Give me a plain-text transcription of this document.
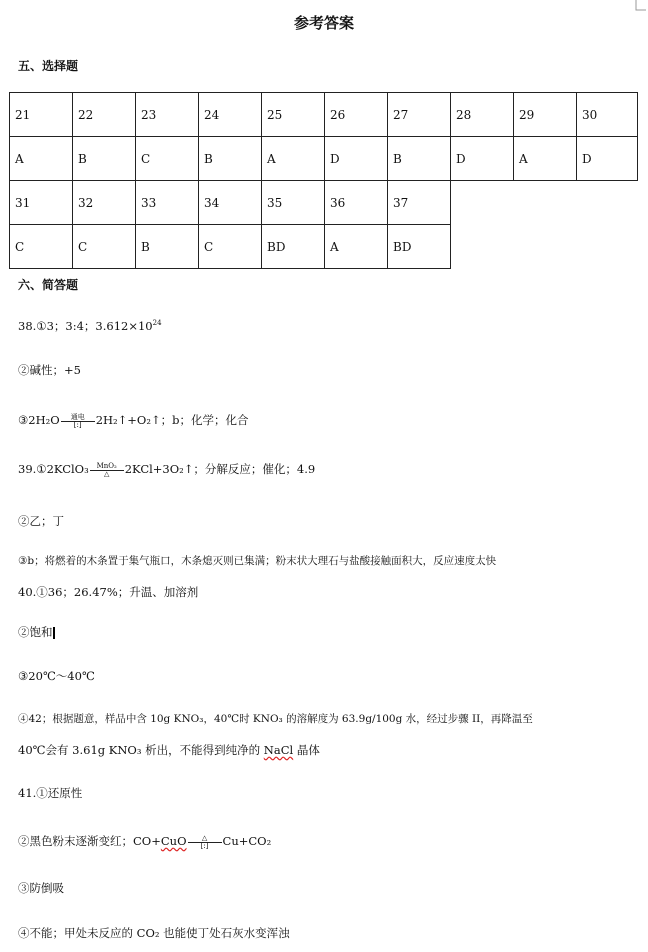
参考答案
五、选择题
21	22	23	24	25	26	27	28	29	30
A	B	C	B	A	D	B	D	A	D
31	32	33	34	35	36	37
C	C	B	C	BD	A	BD
六、简答题
38.①3；3:4；$3.612\times 10^{24}$
②碱性；+5
③2H₂O $\frac{\text{通电}}{[:]}$ 2H₂↑+O₂↑；b；化学；化合
39.①2KClO₃ $\frac{\text{MnO₂}}{\triangle}$ 2KCl+3O₂↑；分解反应；催化；4.9
②乙；丁
③b；将燃着的木条置于集气瓶口，木条熄灭则已集满；粉末状大理石与盐酸接触面积大，反应速度太快
40.①36；26.47%；升温、加溶剂
②饱和
③20℃～40℃
④42；根据题意，样品中含 10g KNO₃，40℃时 KNO₃ 的溶解度为 63.9g/100g 水，经过步骤 II，再降温至
40℃会有 3.61g KNO₃ 析出，不能得到纯净的 NaCl 晶体
41.①还原性
②黑色粉末逐渐变红；$CO+CuO \frac{\triangle}{[:]} Cu+CO_2$
③防倒吸
④不能；甲处未反应的 CO₂ 也能使丁处石灰水变浑浊
